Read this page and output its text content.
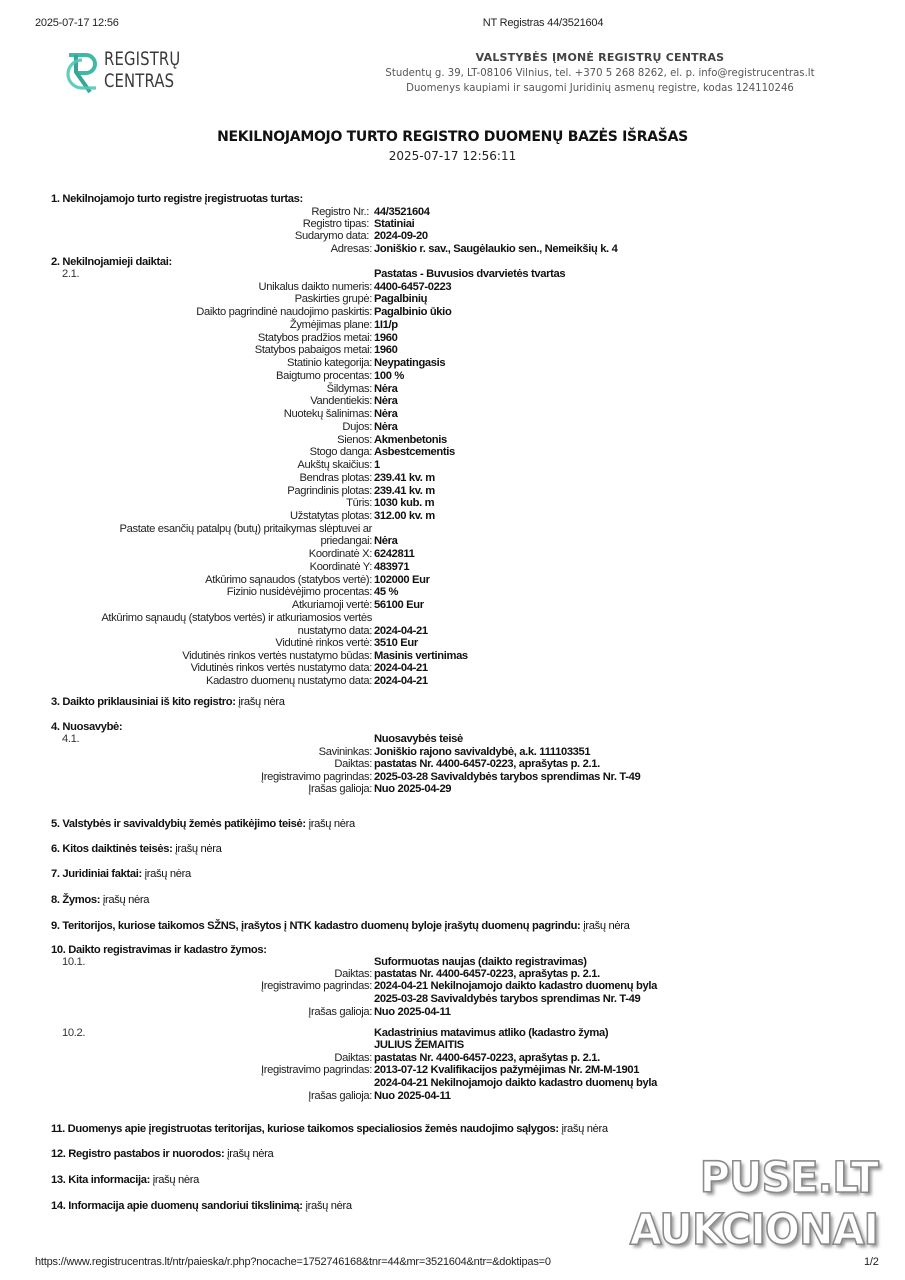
2025-07-17 12:56	NT Registras 44/3521604
REGISTRŲ
CENTRAS
VALSTYBĖS ĮMONĖ REGISTRŲ CENTRAS
Studentų g. 39, LT-08106 Vilnius, tel. +370 5 268 8262, el. p. info@registrucentras.lt
Duomenys kaupiami ir saugomi Juridinių asmenų registre, kodas 124110246
NEKILNOJAMOJO TURTO REGISTRO DUOMENŲ BAZĖS IŠRAŠAS
2025-07-17 12:56:11
1. Nekilnojamojo turto registre įregistruotas turtas:
Registro Nr.: 44/3521604
Registro tipas: Statiniai
Sudarymo data: 2024-09-20
Adresas: Joniškio r. sav., Saugėlaukio sen., Nemeikšių k. 4
2. Nekilnojamieji daiktai:
2.1.	Pastatas - Buvusios dvarvietės tvartas
Unikalus daikto numeris: 4400-6457-0223
Paskirties grupė: Pagalbinių
Daikto pagrindinė naudojimo paskirtis: Pagalbinio ūkio
Žymėjimas plane: 1I1/p
Statybos pradžios metai: 1960
Statybos pabaigos metai: 1960
Statinio kategorija: Neypatingasis
Baigtumo procentas: 100 %
Šildymas: Nėra
Vandentiekis: Nėra
Nuotekų šalinimas: Nėra
Dujos: Nėra
Sienos: Akmenbetonis
Stogo danga: Asbestcementis
Aukštų skaičius: 1
Bendras plotas: 239.41 kv. m
Pagrindinis plotas: 239.41 kv. m
Tūris: 1030 kub. m
Užstatytas plotas: 312.00 kv. m
Pastate esančių patalpų (butų) pritaikymas slėptuvei ar
priedangai: Nėra
Koordinatė X: 6242811
Koordinatė Y: 483971
Atkūrimo sąnaudos (statybos vertė): 102000 Eur
Fizinio nusidėvėjimo procentas: 45 %
Atkuriamoji vertė: 56100 Eur
Atkūrimo sąnaudų (statybos vertės) ir atkuriamosios vertės
nustatymo data: 2024-04-21
Vidutinė rinkos vertė: 3510 Eur
Vidutinės rinkos vertės nustatymo būdas: Masinis vertinimas
Vidutinės rinkos vertės nustatymo data: 2024-04-21
Kadastro duomenų nustatymo data: 2024-04-21
3. Daikto priklausiniai iš kito registro: įrašų nėra
4. Nuosavybė:
4.1.	Nuosavybės teisė
Savininkas: Joniškio rajono savivaldybė, a.k. 111103351
Daiktas: pastatas Nr. 4400-6457-0223, aprašytas p. 2.1.
Įregistravimo pagrindas: 2025-03-28 Savivaldybės tarybos sprendimas Nr. T-49
Įrašas galioja: Nuo 2025-04-29
5. Valstybės ir savivaldybių žemės patikėjimo teisė: įrašų nėra
6. Kitos daiktinės teisės: įrašų nėra
7. Juridiniai faktai: įrašų nėra
8. Žymos: įrašų nėra
9. Teritorijos, kuriose taikomos SŽNS, įrašytos į NTK kadastro duomenų byloje įrašytų duomenų pagrindu: įrašų nėra
10. Daikto registravimas ir kadastro žymos:
10.1.	Suformuotas naujas (daikto registravimas)
Daiktas: pastatas Nr. 4400-6457-0223, aprašytas p. 2.1.
Įregistravimo pagrindas: 2024-04-21 Nekilnojamojo daikto kadastro duomenų byla
2025-03-28 Savivaldybės tarybos sprendimas Nr. T-49
Įrašas galioja: Nuo 2025-04-11
10.2.	Kadastrinius matavimus atliko (kadastro žyma)
JULIUS ŽEMAITIS
Daiktas: pastatas Nr. 4400-6457-0223, aprašytas p. 2.1.
Įregistravimo pagrindas: 2013-07-12 Kvalifikacijos pažymėjimas Nr. 2M-M-1901
2024-04-21 Nekilnojamojo daikto kadastro duomenų byla
Įrašas galioja: Nuo 2025-04-11
11. Duomenys apie įregistruotas teritorijas, kuriose taikomos specialiosios žemės naudojimo sąlygos: įrašų nėra
12. Registro pastabos ir nuorodos: įrašų nėra
13. Kita informacija: įrašų nėra
14. Informacija apie duomenų sandoriui tikslinimą: įrašų nėra
PUSE.LT
AUKCIONAI
https://www.registrucentras.lt/ntr/paieska/r.php?nocache=1752746168&tnr=44&mr=3521604&ntr=&doktipas=0	1/2
